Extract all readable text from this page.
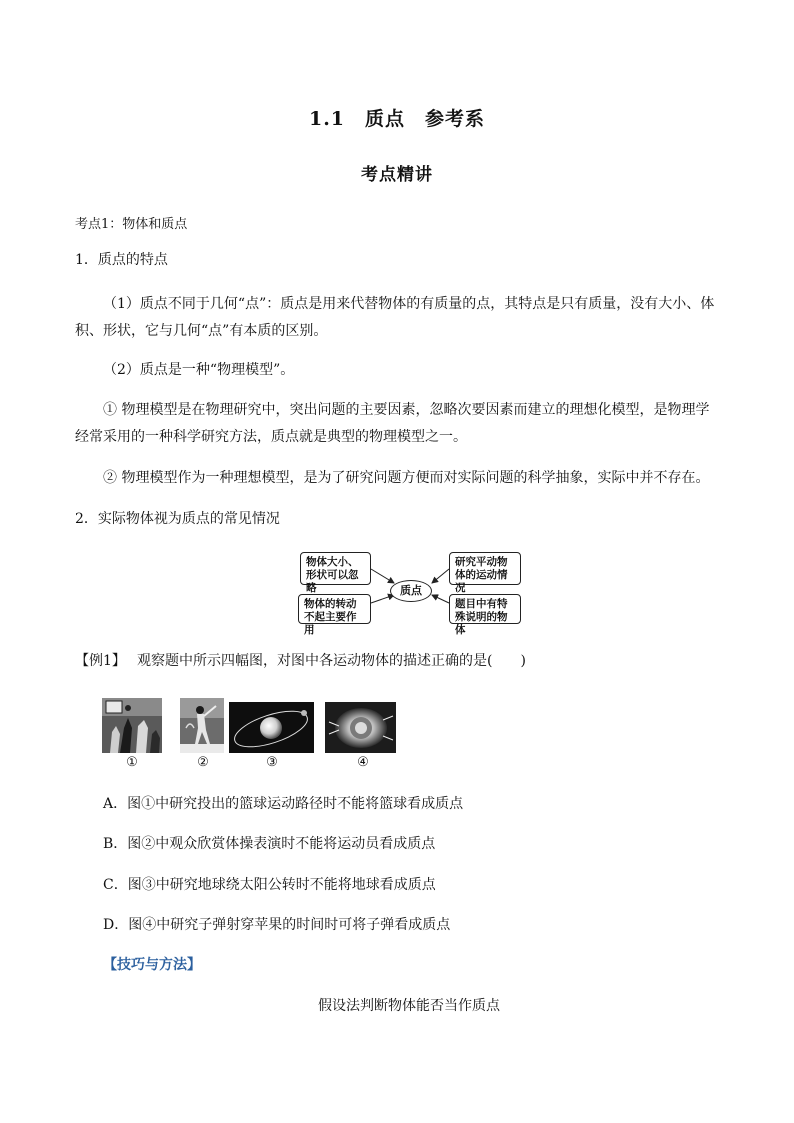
1.1　质点　参考系
考点精讲
考点1：物体和质点
1．质点的特点
（1）质点不同于几何“点”：质点是用来代替物体的有质量的点，其特点是只有质量，没有大小、体积、形状，它与几何“点”有本质的区别。
（2）质点是一种“物理模型”。
① 物理模型是在物理研究中，突出问题的主要因素，忽略次要因素而建立的理想化模型，是物理学经常采用的一种科学研究方法，质点就是典型的物理模型之一。
② 物理模型作为一种理想模型，是为了研究问题方便而对实际问题的科学抽象，实际中并不存在。
2．实际物体视为质点的常见情况
物体大小、形状可以忽略
物体的转动不起主要作用
研究平动物体的运动情况
题目中有特殊说明的物体
质点
【例1】 观察题中所示四幅图，对图中各运动物体的描述正确的是(　　)
①	②	③	④
A．图①中研究投出的篮球运动路径时不能将篮球看成质点
B．图②中观众欣赏体操表演时不能将运动员看成质点
C．图③中研究地球绕太阳公转时不能将地球看成质点
D．图④中研究子弹射穿苹果的时间时可将子弹看成质点
【技巧与方法】
假设法判断物体能否当作质点
